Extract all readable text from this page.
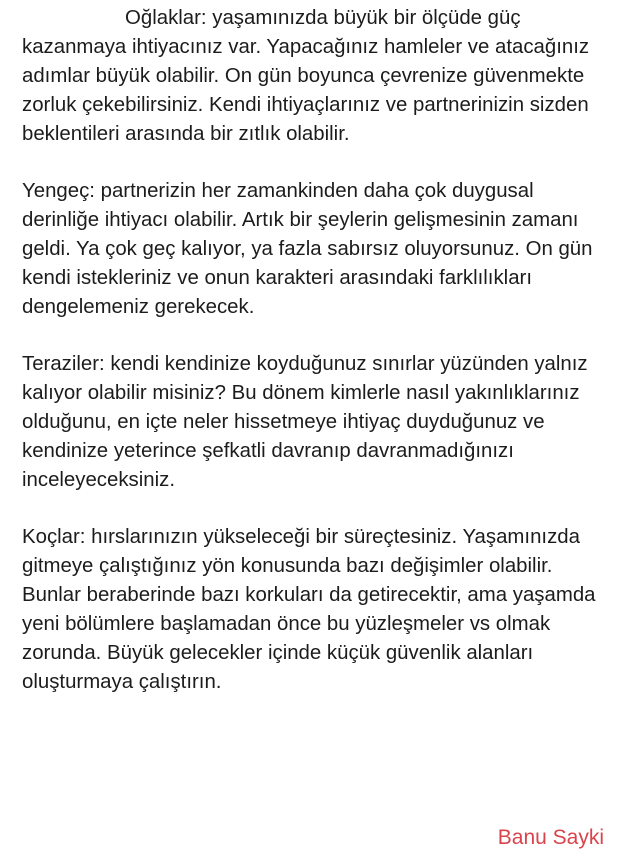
Oğlaklar: yaşamınızda büyük bir ölçüde güç
kazanmaya ihtiyacınız var. Yapacağınız hamleler ve atacağınız
adımlar büyük olabilir. On gün boyunca çevrenize güvenmekte
zorluk çekebilirsiniz. Kendi ihtiyaçlarınız ve partnerinizin sizden
beklentileri arasında bir zıtlık olabilir.
Yengeç: partnerizin her zamankinden daha çok duygusal
derinliğe ihtiyacı olabilir. Artık bir şeylerin gelişmesinin zamanı
geldi. Ya çok geç kalıyor, ya fazla sabırsız oluyorsunuz. On gün
kendi istekleriniz ve onun karakteri arasındaki farklılıkları
dengelemeniz gerekecek.
Teraziler: kendi kendinize koyduğunuz sınırlar yüzünden yalnız
kalıyor olabilir misiniz? Bu dönem kimlerle nasıl yakınlıklarınız
olduğunu, en içte neler hissetmeye ihtiyaç duyduğunuz ve
kendinize yeterince şefkatli davranıp davranmadığınızı
inceleyeceksiniz.
Koçlar: hırslarınızın yükseleceği bir süreçtesiniz. Yaşamınızda
gitmeye çalıştığınız yön konusunda bazı değişimler olabilir.
Bunlar beraberinde bazı korkuları da getirecektir, ama yaşamda
yeni bölümlere başlamadan önce bu yüzleşmeler vs olmak
zorunda. Büyük gelecekler içinde küçük güvenlik alanları
oluşturmaya çalıştırın.
Banu Sayki
